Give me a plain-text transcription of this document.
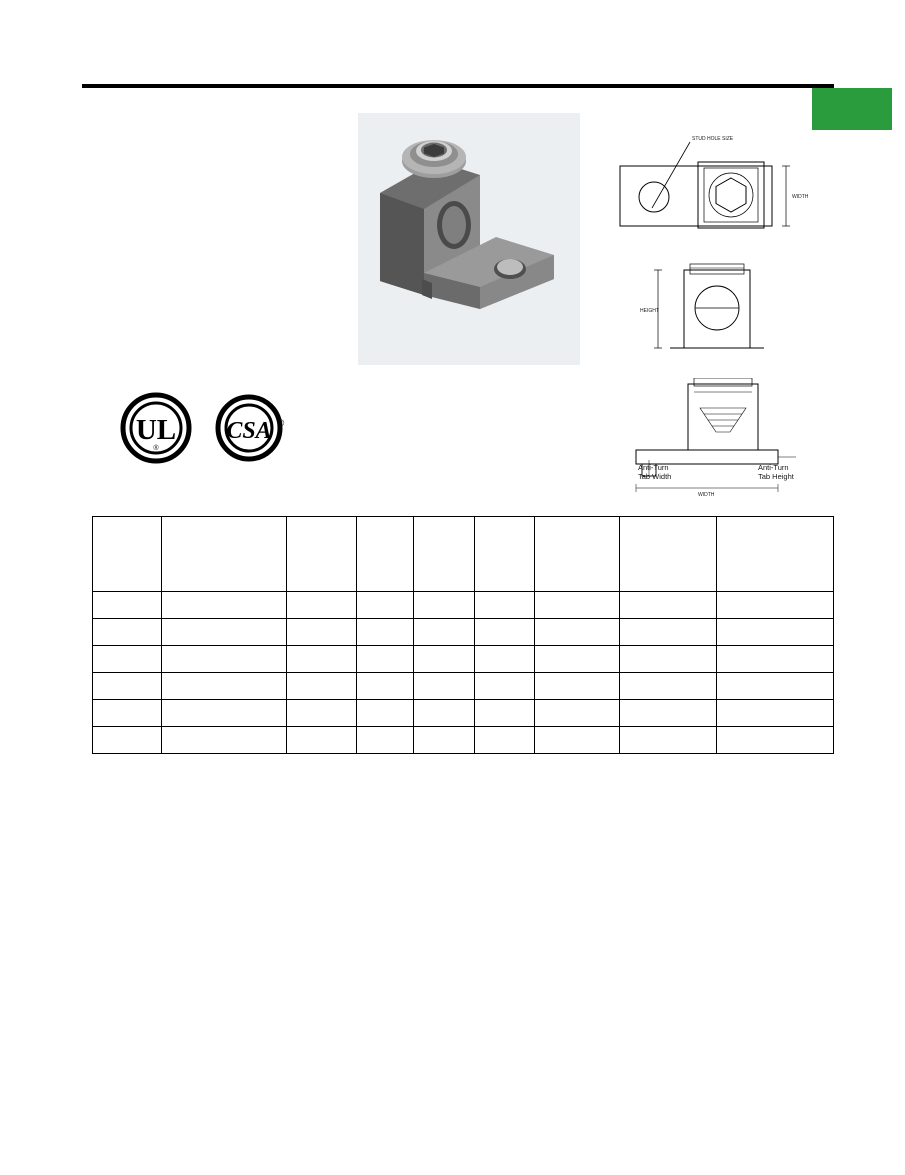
UL
®
CSA ®
STUD HOLE SIZE
WIDTH
HEIGHT
Anti-Turn
Tab Width
Anti-Turn
Tab Height
WIDTH
